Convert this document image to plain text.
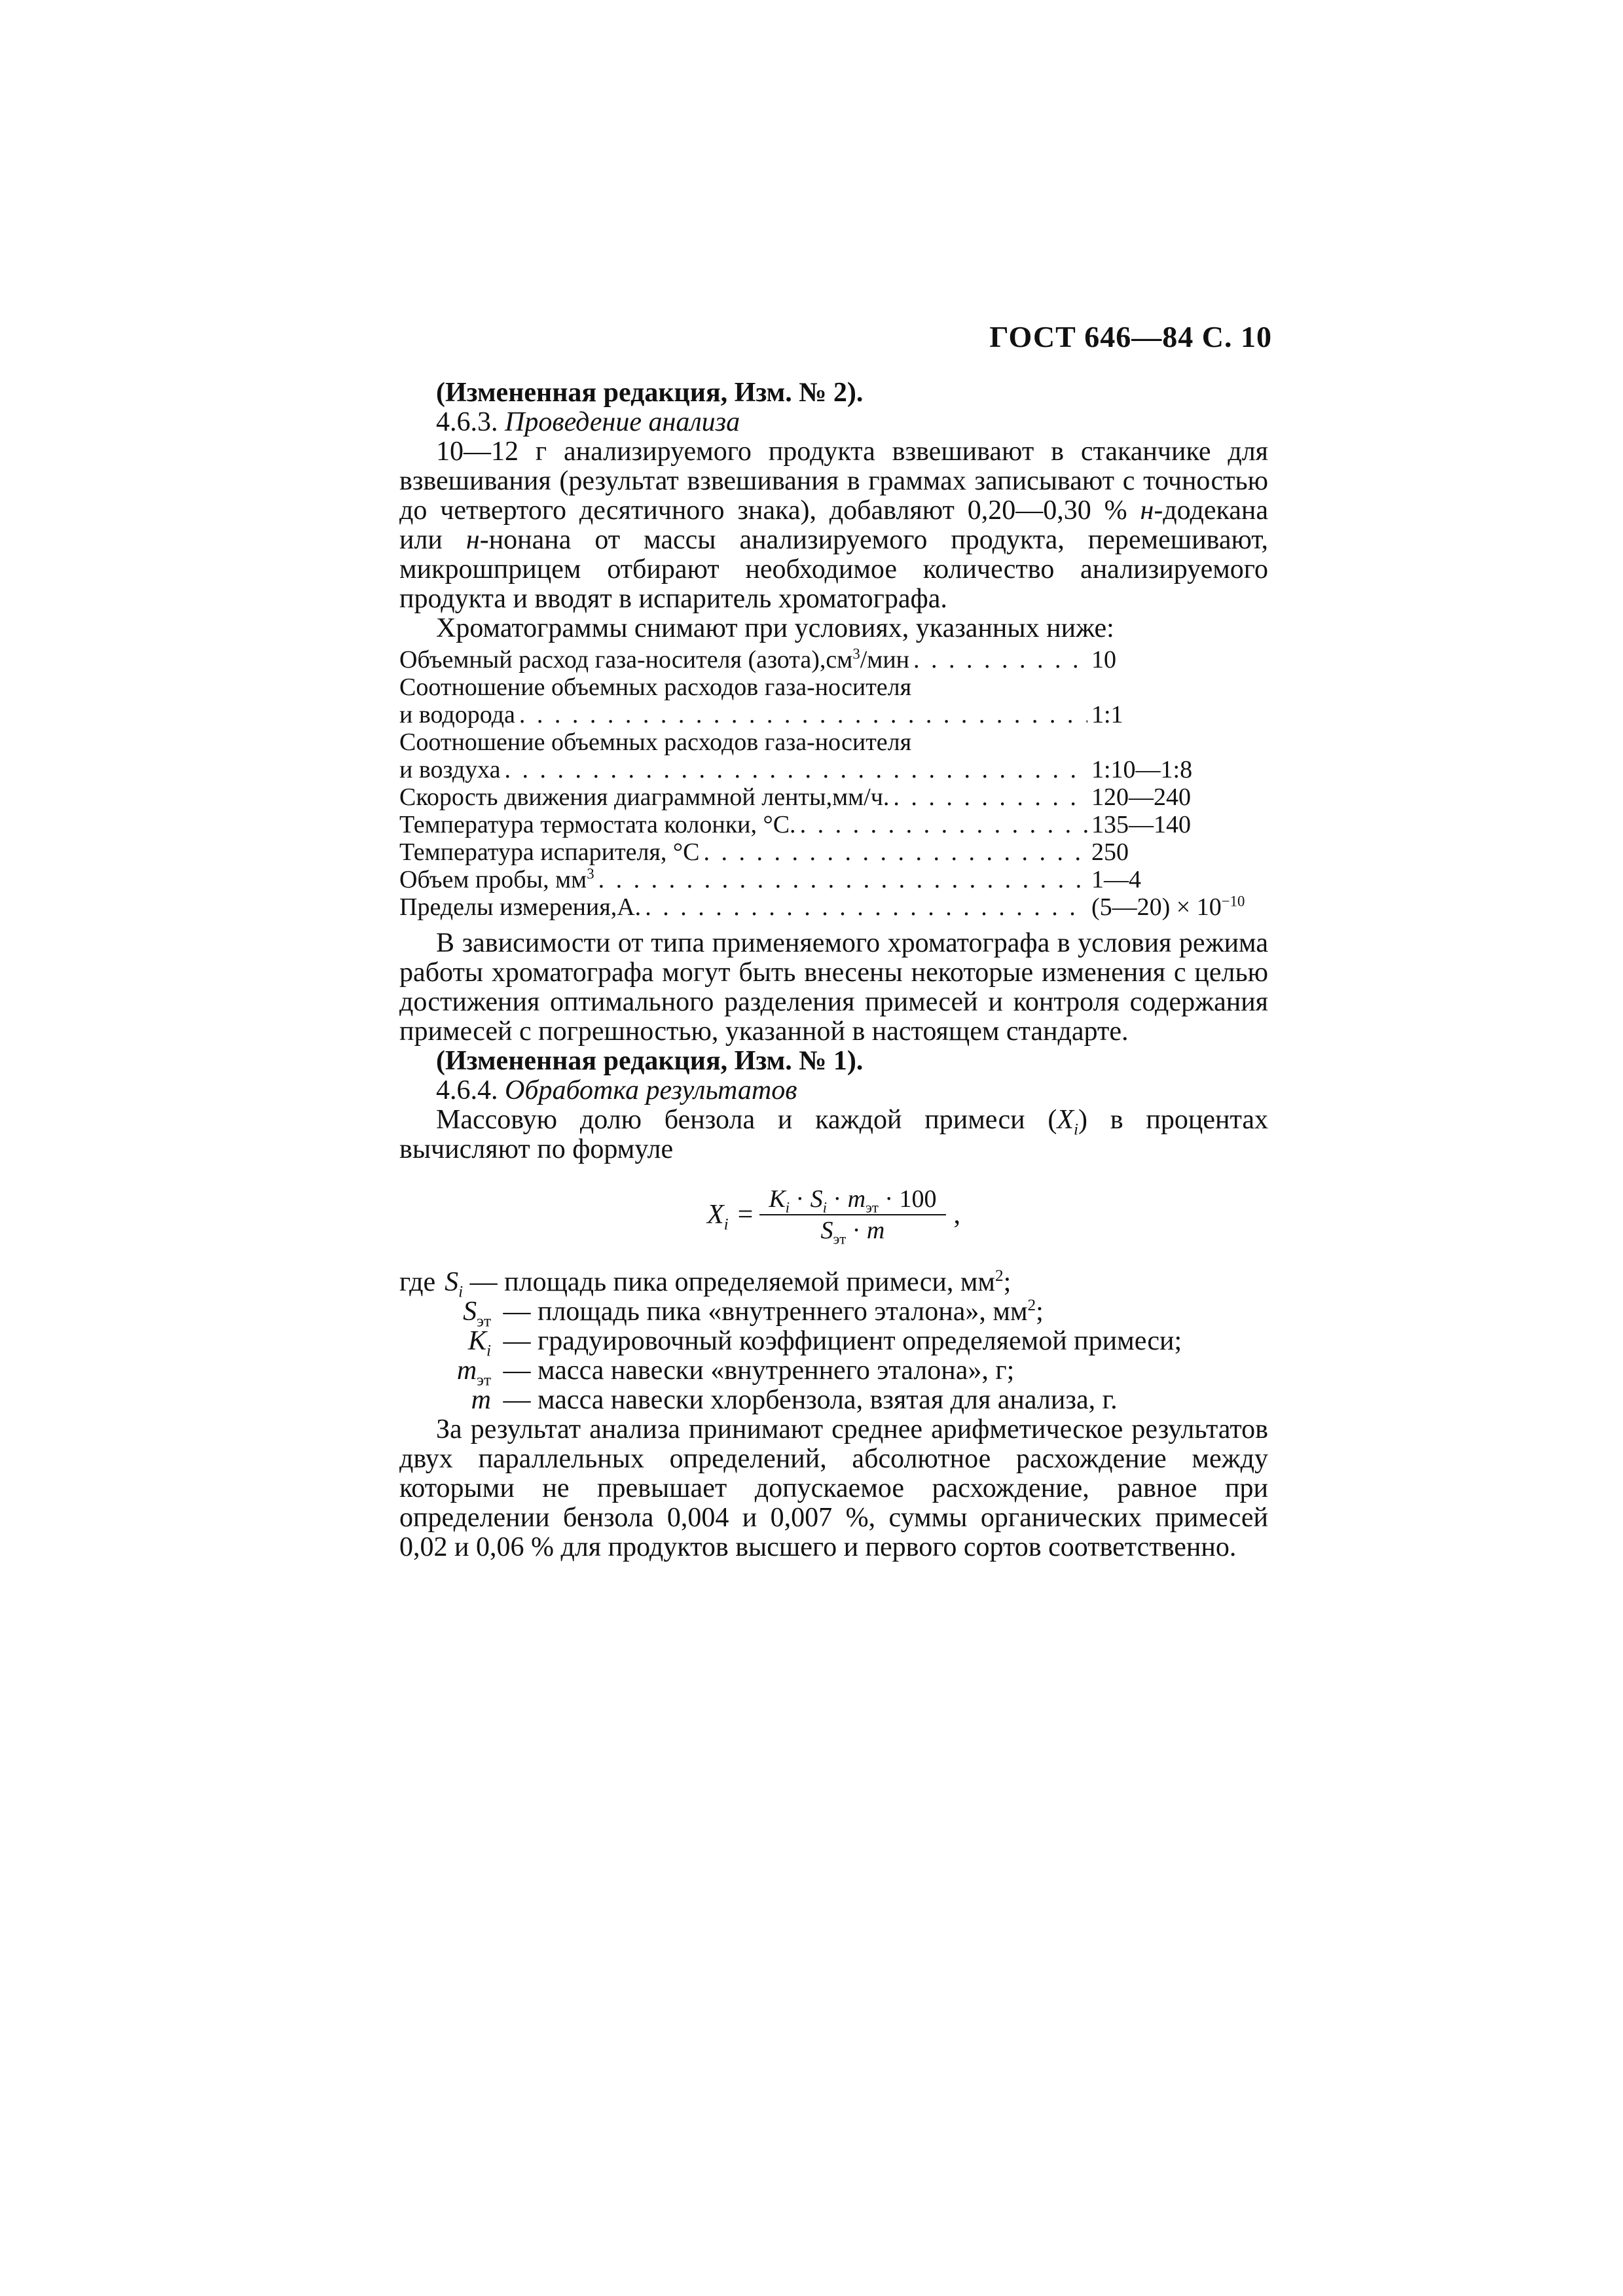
ГОСТ 646—84 С. 10

(Измененная редакция, Изм. № 2).

4.6.3. Проведение анализа

10—12 г анализируемого продукта взвешивают в стаканчике для взвешивания (результат взвешивания в граммах записывают с точностью до четвертого десятичного знака), добавляют 0,20—0,30 % н-додекана или н-нонана от массы анализируемого продукта, перемешивают, микрошприцем отбирают необходимое количество анализируемого продукта и вводят в испаритель хроматографа.

Хроматограммы снимают при условиях, указанных ниже:

Объемный расход газа-носителя $(азота),см^3$/мин . . .	10
Соотношение объемных расходов газа-носителя
и водорода . . .	1:1
Соотношение объемных расходов газа-носителя
и воздуха . . .	1:10—1:8
Скорость движения диаграммной ленты,мм/ч. . . .	120—240
Температура термостата колонки, °С. . . .	135—140
Температура испарителя, °С . . .	250
Объем пробы, $мм^3$ . . .	1—4
Пределы измерения,А. . . .	(5—20) × $10^{-10}$

В зависимости от типа применяемого хроматографа в условия режима работы хроматографа могут быть внесены некоторые изменения с целью достижения оптимального разделения примесей и контроля содержания примесей с погрешностью, указанной в настоящем стандарте.

(Измененная редакция, Изм. № 1).

4.6.4. Обработка результатов

Массовую долю бензола и каждой примеси $(X_i)$ в процентах вычисляют по формуле

$X_i = \frac{K_i \cdot S_i \cdot m_{эт} \cdot 100}{S_{эт} \cdot m}$ ,
где $S_i$ — площадь пика определяемой примеси, $мм^2$;
$S_{эт}$ — площадь пика «внутреннего эталона», $мм^2$;
$K_i$ — градуировочный коэффициент определяемой примеси;
$m_{эт}$ — масса навески «внутреннего эталона», г;
m — масса навески хлорбензола, взятая для анализа, г.

За результат анализа принимают среднее арифметическое результатов двух параллельных определений, абсолютное расхождение между которыми не превышает допускаемое расхождение, равное при определении бензола 0,004 и 0,007 %, суммы органических примесей 0,02 и 0,06 % для продуктов высшего и первого сортов соответственно.
